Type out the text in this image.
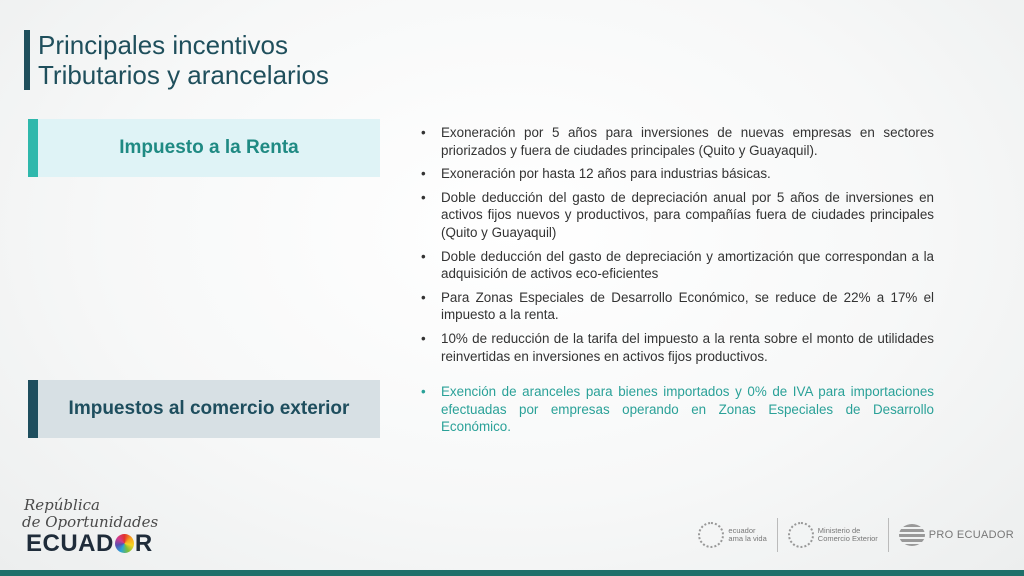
Principales incentivos
Tributarios y arancelarios
Impuesto a la Renta
• Exoneración por 5 años para inversiones de nuevas empresas en sectores priorizados y fuera de ciudades principales (Quito y Guayaquil).
• Exoneración por hasta 12 años para industrias básicas.
• Doble deducción del gasto de depreciación anual por 5 años de inversiones en activos fijos nuevos y productivos, para compañías fuera de ciudades principales (Quito y Guayaquil)
• Doble deducción del gasto de depreciación y amortización que correspondan a la adquisición de activos eco-eficientes
• Para Zonas Especiales de Desarrollo Económico, se reduce de 22% a 17% el impuesto a la renta.
• 10% de reducción de la tarifa del impuesto a la renta sobre el monto de utilidades reinvertidas en inversiones en activos fijos productivos.
Impuestos al comercio exterior
• Exención de aranceles para bienes importados y 0% de IVA para importaciones efectuadas por empresas operando en Zonas Especiales de Desarrollo Económico.
República
de Oportunidades
ECUAD R	ecuador
ama la vida
Ministerio de
Comercio Exterior	PRO ECUADOR
